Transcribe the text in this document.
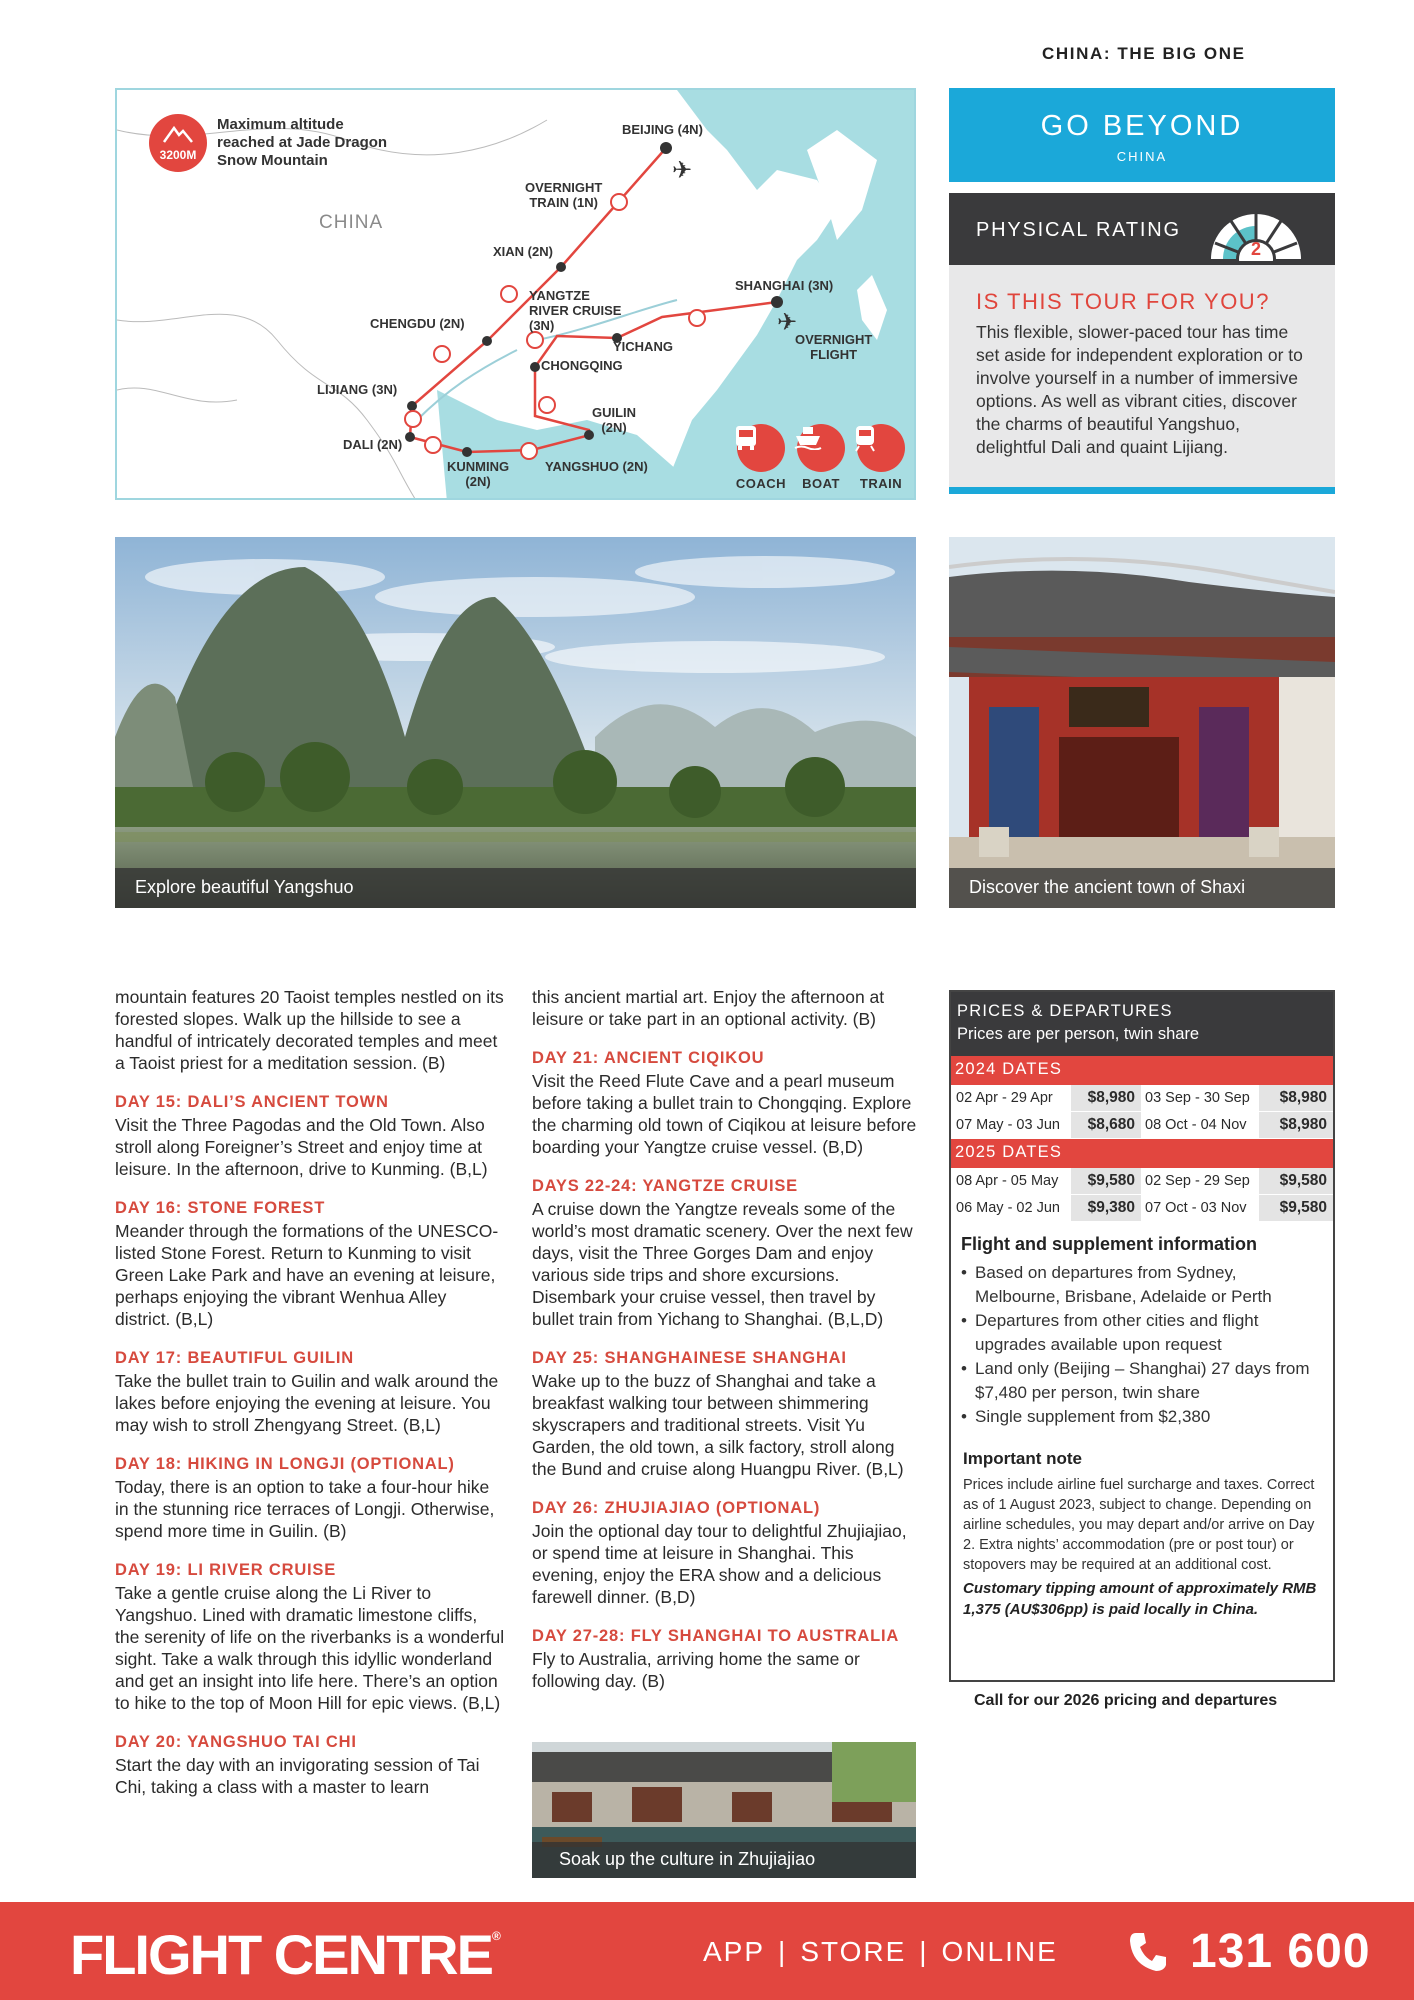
CHINA: THE BIG ONE
✈
✈
CHINA
3200M
Maximum altitude
reached at Jade Dragon
Snow Mountain
BEIJING (4N)
OVERNIGHT
TRAIN (1N)
XIAN (2N)
CHENGDU (2N)
YANGTZE
RIVER CRUISE
(3N)
SHANGHAI (3N)
OVERNIGHT
FLIGHT
YICHANG
CHONGQING
LIJIANG (3N)
DALI (2N)
GUILIN
(2N)
KUNMING
(2N)
YANGSHUO (2N)
COACH	BOAT	TRAIN
GO BEYOND
CHINA
PHYSICAL RATING
2
IS THIS TOUR FOR YOU?

This flexible, slower-paced tour has time set aside for independent exploration or to involve yourself in a number of immersive options. As well as vibrant cities, discover the charms of beautiful Yangshuo, delightful Dali and quaint Lijiang.

Explore beautiful Yangshuo	Discover the ancient town of Shaxi

mountain features 20 Taoist temples nestled on its forested slopes. Walk up the hillside to see a handful of intricately decorated temples and meet a Taoist priest for a meditation session. (B)

DAY 15: DALI’S ANCIENT TOWN

Visit the Three Pagodas and the Old Town. Also stroll along Foreigner’s Street and enjoy time at leisure. In the afternoon, drive to Kunming. (B,L)

DAY 16: STONE FOREST

Meander through the formations of the UNESCO-listed Stone Forest. Return to Kunming to visit Green Lake Park and have an evening at leisure, perhaps enjoying the vibrant Wenhua Alley district. (B,L)

DAY 17: BEAUTIFUL GUILIN

Take the bullet train to Guilin and walk around the lakes before enjoying the evening at leisure. You may wish to stroll Zhengyang Street. (B,L)

DAY 18: HIKING IN LONGJI (OPTIONAL)

Today, there is an option to take a four-hour hike in the stunning rice terraces of Longji. Otherwise, spend more time in Guilin. (B)

DAY 19: LI RIVER CRUISE

Take a gentle cruise along the Li River to Yangshuo. Lined with dramatic limestone cliffs, the serenity of life on the riverbanks is a wonderful sight. Take a walk through this idyllic wonderland and get an insight into life here. There’s an option to hike to the top of Moon Hill for epic views. (B,L)

DAY 20: YANGSHUO TAI CHI

Start the day with an invigorating session of Tai Chi, taking a class with a master to learn

this ancient martial art. Enjoy the afternoon at leisure or take part in an optional activity. (B)

DAY 21: ANCIENT CIQIKOU

Visit the Reed Flute Cave and a pearl museum before taking a bullet train to Chongqing. Explore the charming old town of Ciqikou at leisure before boarding your Yangtze cruise vessel. (B,D)

DAYS 22-24: YANGTZE CRUISE

A cruise down the Yangtze reveals some of the world’s most dramatic scenery. Over the next few days, visit the Three Gorges Dam and enjoy various side trips and shore excursions. Disembark your cruise vessel, then travel by bullet train from Yichang to Shanghai. (B,L,D)

DAY 25: SHANGHAINESE SHANGHAI

Wake up to the buzz of Shanghai and take a breakfast walking tour between shimmering skyscrapers and traditional streets. Visit Yu Garden, the old town, a silk factory, stroll along the Bund and cruise along Huangpu River. (B,L)

DAY 26: ZHUJIAJIAO (OPTIONAL)

Join the optional day tour to delightful Zhujiajiao, or spend time at leisure in Shanghai. This evening, enjoy the ERA show and a delicious farewell dinner. (B,D)

DAY 27-28: FLY SHANGHAI TO AUSTRALIA

Fly to Australia, arriving home the same or following day. (B)

Soak up the culture in Zhujiajiao
PRICES & DEPARTURES
Prices are per person, twin share
2024 DATES
02 Apr - 29 Apr	$8,980 03 Sep - 30 Sep	$8,980
07 May - 03 Jun	$8,680 08 Oct - 04 Nov	$8,980
2025 DATES
08 Apr - 05 May	$9,580 02 Sep - 29 Sep	$9,580
06 May - 02 Jun	$9,380 07 Oct - 03 Nov	$9,580
Flight and supplement information
• Based on departures from Sydney, Melbourne, Brisbane, Adelaide or Perth
• Departures from other cities and flight upgrades available upon request
• Land only (Beijing – Shanghai) 27 days from $7,480 per person, twin share
• Single supplement from $2,380
Important note

Prices include airline fuel surcharge and taxes. Correct as of 1 August 2023, subject to change. Depending on airline schedules, you may depart and/or arrive on Day 2. Extra nights’ accommodation (pre or post tour) or stopovers may be required at an additional cost.

Customary tipping amount of approximately RMB 1,375 (AU$306pp) is paid locally in China.

Call for our 2026 pricing and departures
FLIGHT CENTRE®	APP | STORE | ONLINE	131 600
